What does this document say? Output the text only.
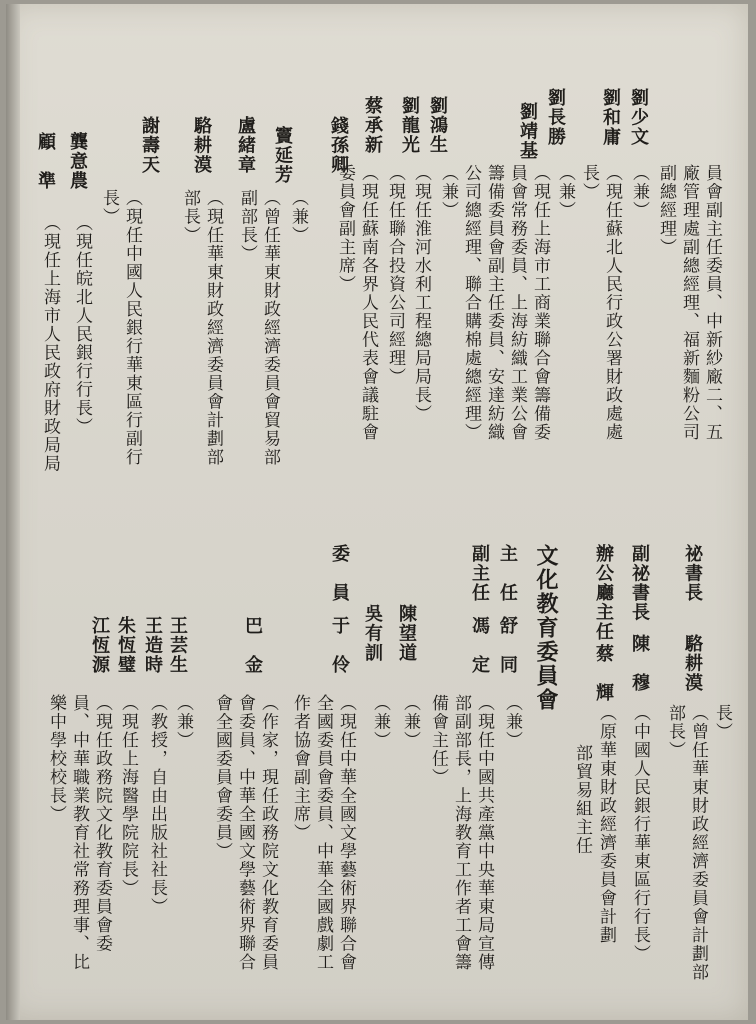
員會副主任委員、中新紗廠二、五
廠管理處副總經理、福新麵粉公司
副總經理）
劉少文
（兼）
劉和庸
（現任蘇北人民行政公署財政處處
長）
劉長勝
（兼）
劉靖基
（現任上海市工商業聯合會籌備委
員會常務委員、上海紡織工業公會
籌備委員會副主任委員、安達紡織
公司總經理、聯合購棉處總經理）
劉鴻生
（兼）
劉龍光
（現任淮河水利工程總局局長）
蔡承新
（現任聯合投資公司經理）
錢孫卿
（現任蘇南各界人民代表會議駐會
委員會副主席）
竇延芳
（兼）
盧緒章
（曾任華東財政經濟委員會貿易部
副部長）
駱耕漠
（現任華東財政經濟委員會計劃部
部長）
謝壽天
（現任中國人民銀行華東區行副行
長）
龔意農
（現任皖北人民銀行行長）
顧　準
（現任上海市人民政府財政局局
祕書長
駱耕漠
長）
（曾任華東財政經濟委員會計劃部
部長）
副祕書長
陳　穆
（中國人民銀行華東區行行長）
辦公廳主任
蔡　輝
（原華東財政經濟委員會計劃
部貿易組主任
文化教育委員會
主　任
舒　同
（兼）
副主任
馮　定
（現任中國共產黨中央華東局宣傳
部副部長，上海教育工作者工會籌
備會主任）
陳望道
（兼）
吳有訓
（兼）
委　員
于　伶
（現任中華全國文學藝術界聯合會
全國委員會委員、中華全國戲劇工
作者協會副主席）
巴　金
（作家，現任政務院文化教育委員
會委員、中華全國文學藝術界聯合
會全國委員會委員）
王芸生
（兼）
王造時
（教授，自由出版社社長）
朱恆璧
（現任上海醫學院院長）
江恆源
（現任政務院文化教育委員會委
員、中華職業教育社常務理事、比
樂中學校校長）
